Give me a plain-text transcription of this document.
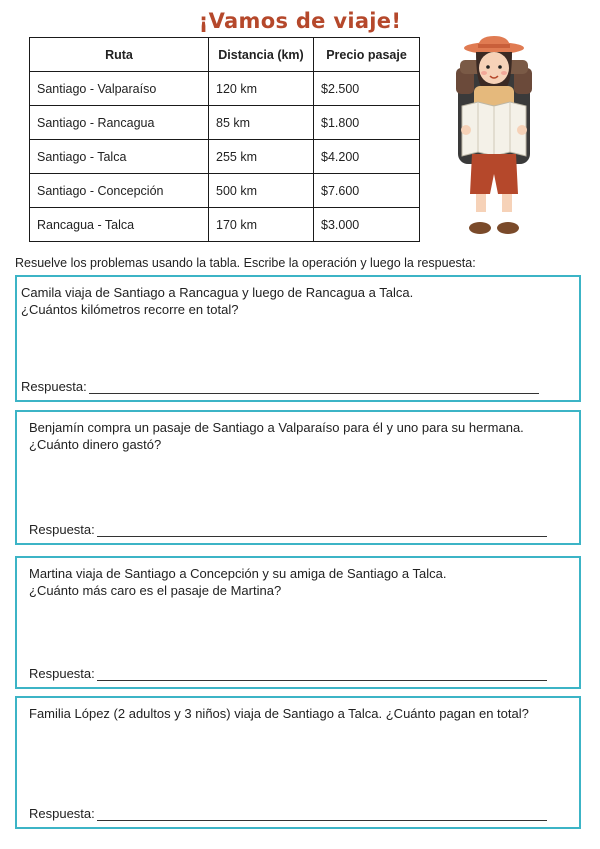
¡Vamos de viaje!
Ruta	Distancia (km)	Precio pasaje
Santiago - Valparaíso	120 km	$2.500
Santiago - Rancagua	85 km	$1.800
Santiago - Talca	255 km	$4.200
Santiago - Concepción	500 km	$7.600
Rancagua - Talca	170 km	$3.000
Resuelve los problemas usando la tabla. Escribe la operación y luego la respuesta:
Camila viaja de Santiago a Rancagua y luego de Rancagua a Talca.
¿Cuántos kilómetros recorre en total?
Respuesta:
Benjamín compra un pasaje de Santiago a Valparaíso para él y uno para su hermana.
¿Cuánto dinero gastó?
Respuesta:
Martina viaja de Santiago a Concepción y su amiga de Santiago a Talca.
¿Cuánto más caro es el pasaje de Martina?
Respuesta:
Familia López (2 adultos y 3 niños) viaja de Santiago a Talca. ¿Cuánto pagan en total?
Respuesta:
